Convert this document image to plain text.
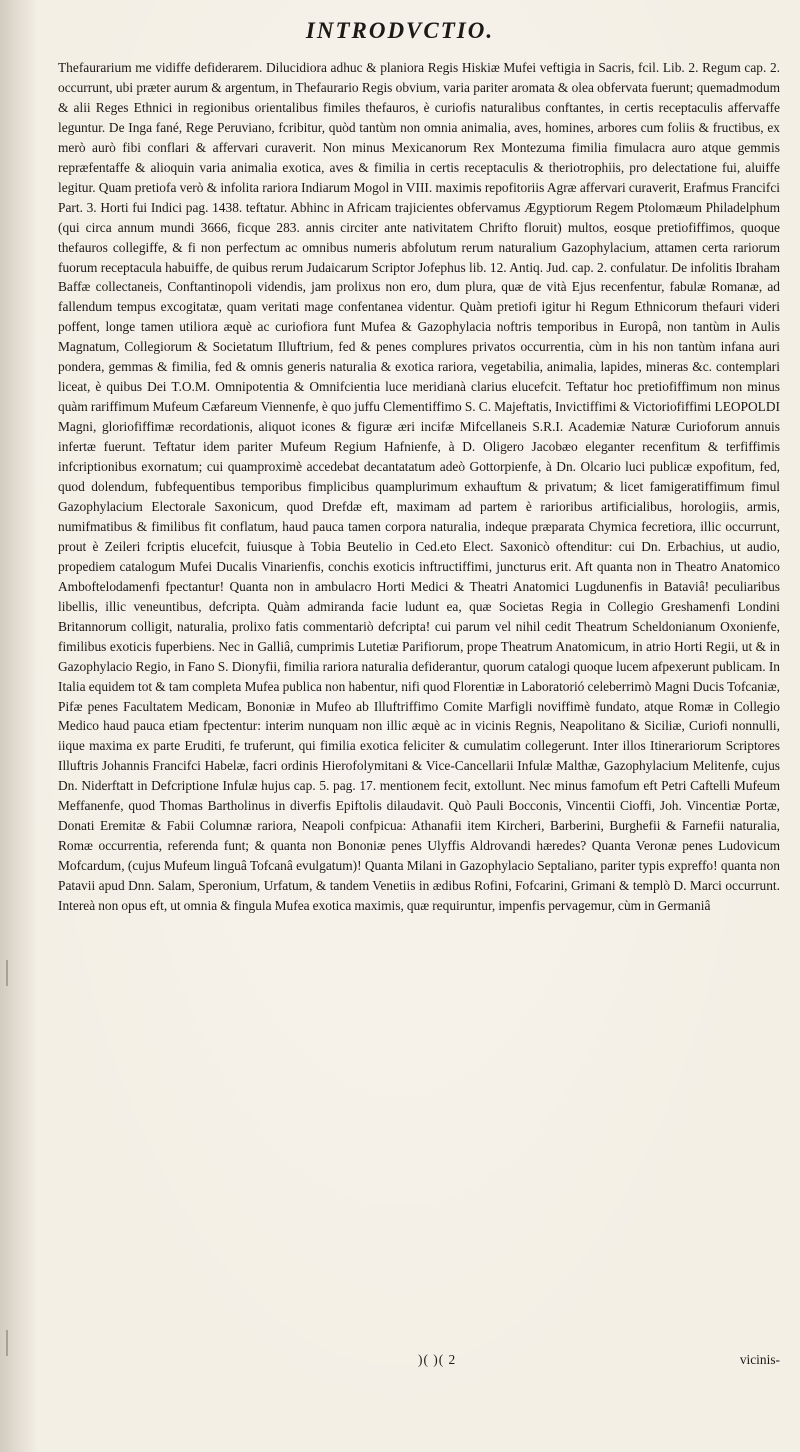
INTRODVCTIO.

Thefaurarium me vidiffe defiderarem. Dilucidiora adhuc & planiora Regis Hiskiæ Mufei veftigia in Sacris, fcil. Lib. 2. Regum cap. 2. occurrunt, ubi præter aurum & argentum, in Thefaurario Regis obvium, varia pariter aromata & olea obfervata fuerunt; quemadmodum & alii Reges Ethnici in regionibus orientalibus fimiles thefauros, è curiofis naturalibus conftantes, in certis receptaculis affervaffe leguntur. De Inga fané, Rege Peruviano, fcribitur, quòd tantùm non omnia animalia, aves, homines, arbores cum foliis & fructibus, ex merò aurò fibi conflari & affervari curaverit. Non minus Mexicanorum Rex Montezuma fimilia fimulacra auro atque gemmis repræfentaffe & alioquin varia animalia exotica, aves & fimilia in certis receptaculis & theriotrophiis, pro delectatione fui, aluiffe legitur. Quam pretiofa verò & infolita rariora Indiarum Mogol in VIII. maximis repofitoriis Agræ affervari curaverit, Erafmus Francifci Part. 3. Horti fui Indici pag. 1438. teftatur. Abhinc in Africam trajicientes obfervamus Ægyptiorum Regem Ptolomæum Philadelphum (qui circa annum mundi 3666, ficque 283. annis circiter ante nativitatem Chrifto floruit) multos, eosque pretiofiffimos, quoque thefauros collegiffe, & fi non perfectum ac omnibus numeris abfolutum rerum naturalium Gazophylacium, attamen certa rariorum fuorum receptacula habuiffe, de quibus rerum Judaicarum Scriptor Jofephus lib. 12. Antiq. Jud. cap. 2. confulatur. De infolitis Ibraham Baffæ collectaneis, Conftantinopoli videndis, jam prolixus non ero, dum plura, quæ de vità Ejus recenfentur, fabulæ Romanæ, ad fallendum tempus excogitatæ, quam veritati mage confentanea videntur. Quàm pretiofi igitur hi Regum Ethnicorum thefauri videri poffent, longe tamen utiliora æquè ac curiofiora funt Mufea & Gazophylacia noftris temporibus in Europâ, non tantùm in Aulis Magnatum, Collegiorum & Societatum Illuftrium, fed & penes complures privatos occurrentia, cùm in his non tantùm infana auri pondera, gemmas & fimilia, fed & omnis generis naturalia & exotica rariora, vegetabilia, animalia, lapides, mineras &c. contemplari liceat, è quibus Dei T.O.M. Omnipotentia & Omnifcientia luce meridianà clarius elucefcit. Teftatur hoc pretiofiffimum non minus quàm rariffimum Mufeum Cæfareum Viennenfe, è quo juffu Clementiffimo S. C. Majeftatis, Invictiffimi & Victoriofiffimi LEOPOLDI Magni, gloriofiffimæ recordationis, aliquot icones & figuræ æri incifæ Mifcellaneis S.R.I. Academiæ Naturæ Curioforum annuis infertæ fuerunt. Teftatur idem pariter Mufeum Regium Hafnienfe, à D. Oligero Jacobæo eleganter recenfitum & terfiffimis infcriptionibus exornatum; cui quamproximè accedebat decantatatum adeò Gottorpienfe, à Dn. Olcario luci publicæ expofitum, fed, quod dolendum, fubfequentibus temporibus fimplicibus quamplurimum exhauftum & privatum; & licet famigeratiffimum fimul Gazophylacium Electorale Saxonicum, quod Drefdæ eft, maximam ad partem è rarioribus artificialibus, horologiis, armis, numifmatibus & fimilibus fit conflatum, haud pauca tamen corpora naturalia, indeque præparata Chymica fecretiora, illic occurrunt, prout è Zeileri fcriptis elucefcit, fuiusque à Tobia Beutelio in Ced.eto Elect. Saxonicò oftenditur: cui Dn. Erbachius, ut audio, propediem catalogum Mufei Ducalis Vinarienfis, conchis exoticis inftructiffimi, juncturus erit. Aft quanta non in Theatro Anatomico Amboftelodamenfi fpectantur! Quanta non in ambulacro Horti Medici & Theatri Anatomici Lugdunenfis in Bataviâ! peculiaribus libellis, illic veneuntibus, defcripta. Quàm admiranda facie ludunt ea, quæ Societas Regia in Collegio Greshamenfi Londini Britannorum colligit, naturalia, prolixo fatis commentariò defcripta! cui parum vel nihil cedit Theatrum Scheldonianum Oxonienfe, fimilibus exoticis fuperbiens. Nec in Galliâ, cumprimis Lutetiæ Parifiorum, prope Theatrum Anatomicum, in atrio Horti Regii, ut & in Gazophylacio Regio, in Fano S. Dionyfii, fimilia rariora naturalia defiderantur, quorum catalogi quoque lucem afpexerunt publicam. In Italia equidem tot & tam completa Mufea publica non habentur, nifi quod Florentiæ in Laboratorió celeberrimò Magni Ducis Tofcaniæ, Pifæ penes Facultatem Medicam, Bononiæ in Mufeo ab Illuftriffimo Comite Marfigli noviffimè fundato, atque Romæ in Collegio Medico haud pauca etiam fpectentur: interim nunquam non illic æquè ac in vicinis Regnis, Neapolitano & Siciliæ, Curiofi nonnulli, iique maxima ex parte Eruditi, fe truferunt, qui fimilia exotica feliciter & cumulatim collegerunt. Inter illos Itinerariorum Scriptores Illuftris Johannis Francifci Habelæ, facri ordinis Hierofolymitani & Vice-Cancellarii Infulæ Malthæ, Gazophylacium Melitenfe, cujus Dn. Niderftatt in Defcriptione Infulæ hujus cap. 5. pag. 17. mentionem fecit, extollunt. Nec minus famofum eft Petri Caftelli Mufeum Meffanenfe, quod Thomas Bartholinus in diverfis Epiftolis dilaudavit. Quò Pauli Bocconis, Vincentii Cioffi, Joh. Vincentiæ Portæ, Donati Eremitæ & Fabii Columnæ rariora, Neapoli confpicua: Athanafii item Kircheri, Barberini, Burghefii & Farnefii naturalia, Romæ occurrentia, referenda funt; & quanta non Bononiæ penes Ulyffis Aldrovandi hæredes? Quanta Veronæ penes Ludovicum Mofcardum, (cujus Mufeum linguâ Tofcanâ evulgatum)! Quanta Milani in Gazophylacio Septaliano, pariter typis expreffo! quanta non Patavii apud Dnn. Salam, Speronium, Urfatum, & tandem Venetiis in ædibus Rofini, Fofcarini, Grimani & templò D. Marci occurrunt. Intereà non opus eft, ut omnia & fingula Mufea exotica maximis, quæ requiruntur, impenfis pervagemur, cùm in Germaniâ

)( )( 2	vicinis-
